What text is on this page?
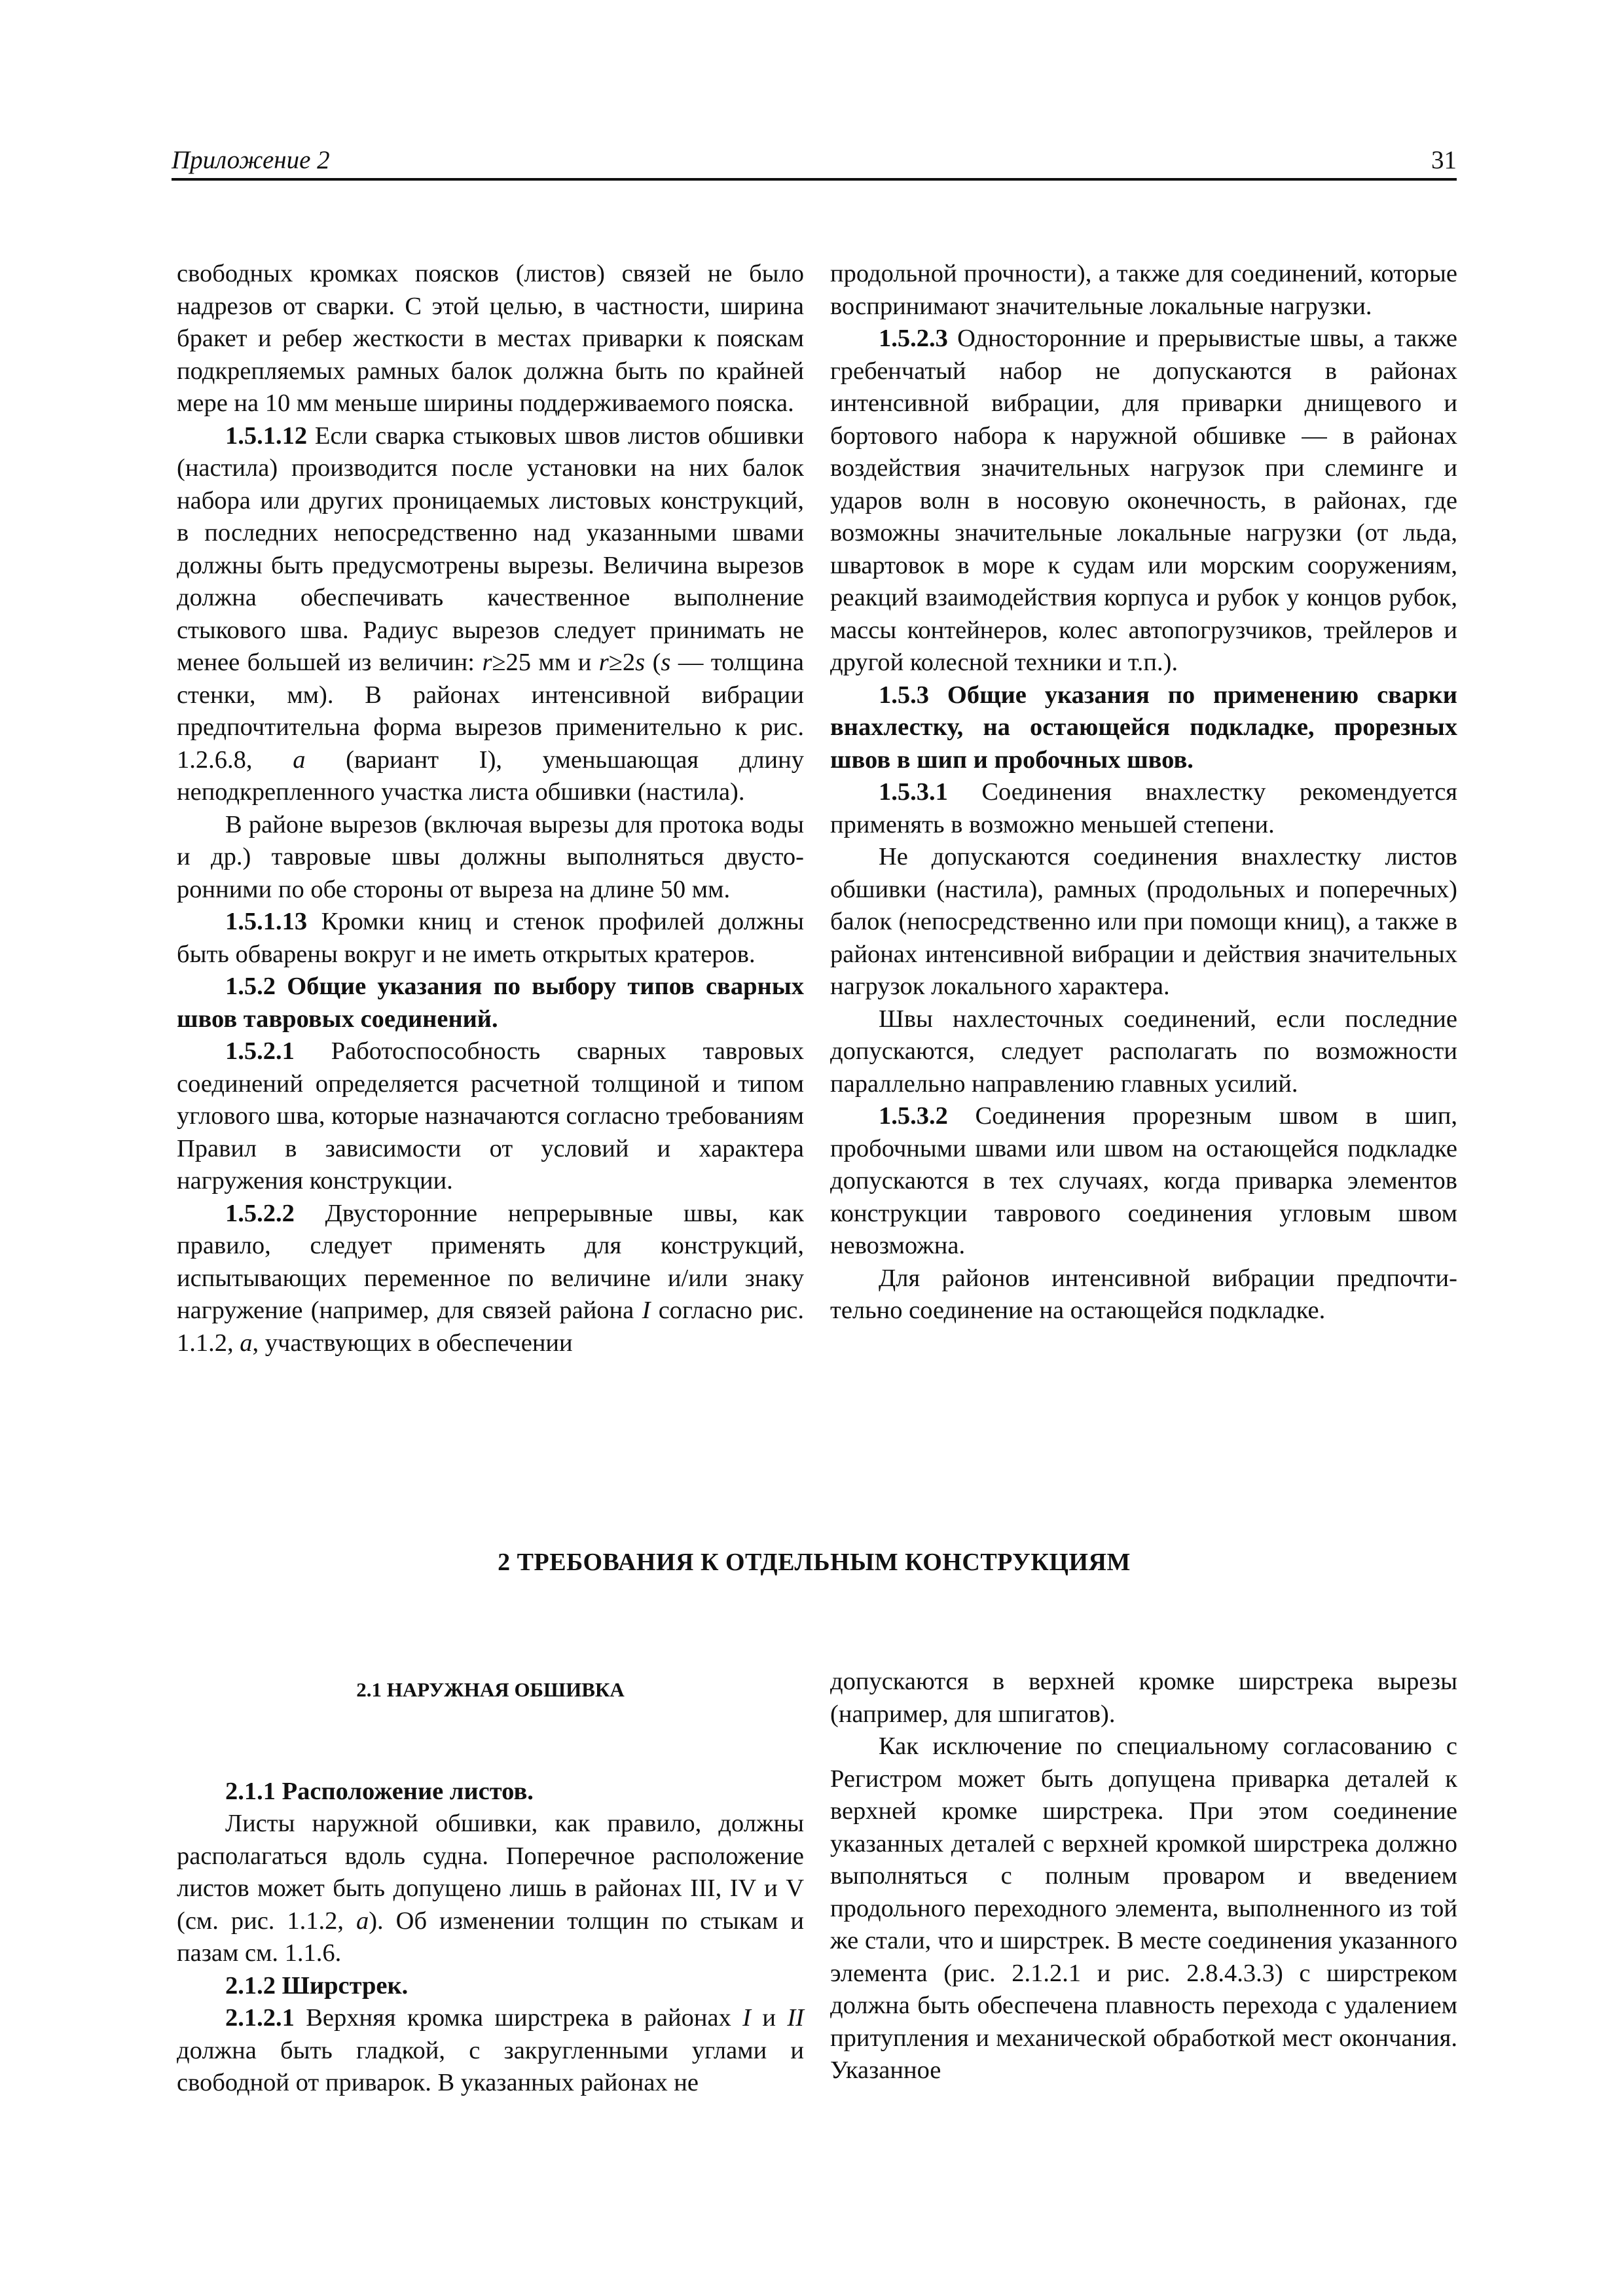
Приложение 2	31

свободных кромках поясков (листов) связей не было надрезов от сварки. С этой целью, в частности, ширина бракет и ребер жесткости в местах приварки к пояскам подкрепляемых рамных балок должна быть по крайней мере на 10 мм меньше ширины поддерживаемого пояска.

1.5.1.12 Если сварка стыковых швов листов обшивки (настила) производится после установки на них балок набора или других проницаемых листовых конструкций, в последних непосредственно над указанными швами должны быть предусмотрены вырезы. Величина вырезов должна обеспечивать качественное выполнение стыкового шва. Радиус вырезов следует принимать не менее большей из величин: r≥25 мм и r≥2s (s — толщина стенки, мм). В районах интенсивной вибрации предпочтительна форма вырезов применительно к рис. 1.2.6.8, а (вариант I), уменьшающая длину неподкрепленного участка листа обшивки (настила).

В районе вырезов (включая вырезы для протока воды и др.) тавровые швы должны выполняться двусторонними по обе стороны от выреза на длине 50 мм.

1.5.1.13 Кромки книц и стенок профилей должны быть обварены вокруг и не иметь открытых кратеров.

1.5.2 Общие указания по выбору типов сварных швов тавровых соединений.

1.5.2.1 Работоспособность сварных тавровых соединений определяется расчетной толщиной и типом углового шва, которые назначаются согласно требованиям Правил в зависимости от условий и характера нагружения конструкции.

1.5.2.2 Двусторонние непрерывные швы, как правило, следует применять для конструкций, испытывающих переменное по величине и/или знаку нагружение (например, для связей района I согласно рис. 1.1.2, а, участвующих в обеспечении

продольной прочности), а также для соединений, которые воспринимают значительные локальные нагрузки.

1.5.2.3 Односторонние и прерывистые швы, а также гребенчатый набор не допускаются в районах интенсивной вибрации, для приварки днищевого и бортового набора к наружной обшивке — в районах воздействия значительных нагрузок при слеминге и ударов волн в носовую оконечность, в районах, где возможны значительные локальные нагрузки (от льда, швартовок в море к судам или морским сооружениям, реакций взаимодействия корпуса и рубок у концов рубок, массы контейнеров, колес автопогрузчиков, трейлеров и другой колесной техники и т.п.).

1.5.3 Общие указания по применению сварки внахлестку, на остающейся подкладке, прорезных швов в шип и пробочных швов.

1.5.3.1 Соединения внахлестку рекомендуется применять в возможно меньшей степени.

Не допускаются соединения внахлестку листов обшивки (настила), рамных (продольных и поперечных) балок (непосредственно или при помощи книц), а также в районах интенсивной вибрации и действия значительных нагрузок локального характера.

Швы нахлесточных соединений, если последние допускаются, следует располагать по возможности параллельно направлению главных усилий.

1.5.3.2 Соединения прорезным швом в шип, пробочными швами или швом на остающейся подкладке допускаются в тех случаях, когда приварка элементов конструкции таврового соединения угловым швом невозможна.

Для районов интенсивной вибрации предпочтительно соединение на остающейся подкладке.

2 ТРЕБОВАНИЯ К ОТДЕЛЬНЫМ КОНСТРУКЦИЯМ

2.1 НАРУЖНАЯ ОБШИВКА

2.1.1 Расположение листов.

Листы наружной обшивки, как правило, должны располагаться вдоль судна. Поперечное расположение листов может быть допущено лишь в районах III, IV и V (см. рис. 1.1.2, а). Об изменении толщин по стыкам и пазам см. 1.1.6.

2.1.2 Ширстрек.

2.1.2.1 Верхняя кромка ширстрека в районах I и II должна быть гладкой, с закругленными углами и свободной от приварок. В указанных районах не

допускаются в верхней кромке ширстрека вырезы (например, для шпигатов).

Как исключение по специальному согласованию с Регистром может быть допущена приварка деталей к верхней кромке ширстрека. При этом соединение указанных деталей с верхней кромкой ширстрека должно выполняться с полным проваром и введением продольного переходного элемента, выполненного из той же стали, что и ширстрек. В месте соединения указанного элемента (рис. 2.1.2.1 и рис. 2.8.4.3.3) с ширстреком должна быть обеспечена плавность перехода с удалением притупления и механической обработкой мест окончания. Указанное
